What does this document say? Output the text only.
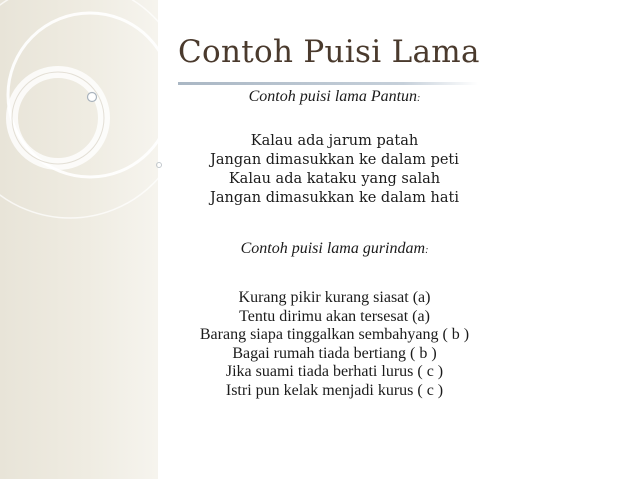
Contoh Puisi Lama
Contoh puisi lama Pantun:
Kalau ada jarum patah
Jangan dimasukkan ke dalam peti
Kalau ada kataku yang salah
Jangan dimasukkan ke dalam hati
Contoh puisi lama gurindam:
Kurang pikir kurang siasat (a)
Tentu dirimu akan tersesat (a)
Barang siapa tinggalkan sembahyang ( b )
Bagai rumah tiada bertiang ( b )
Jika suami tiada berhati lurus ( c )
Istri pun kelak menjadi kurus ( c )
